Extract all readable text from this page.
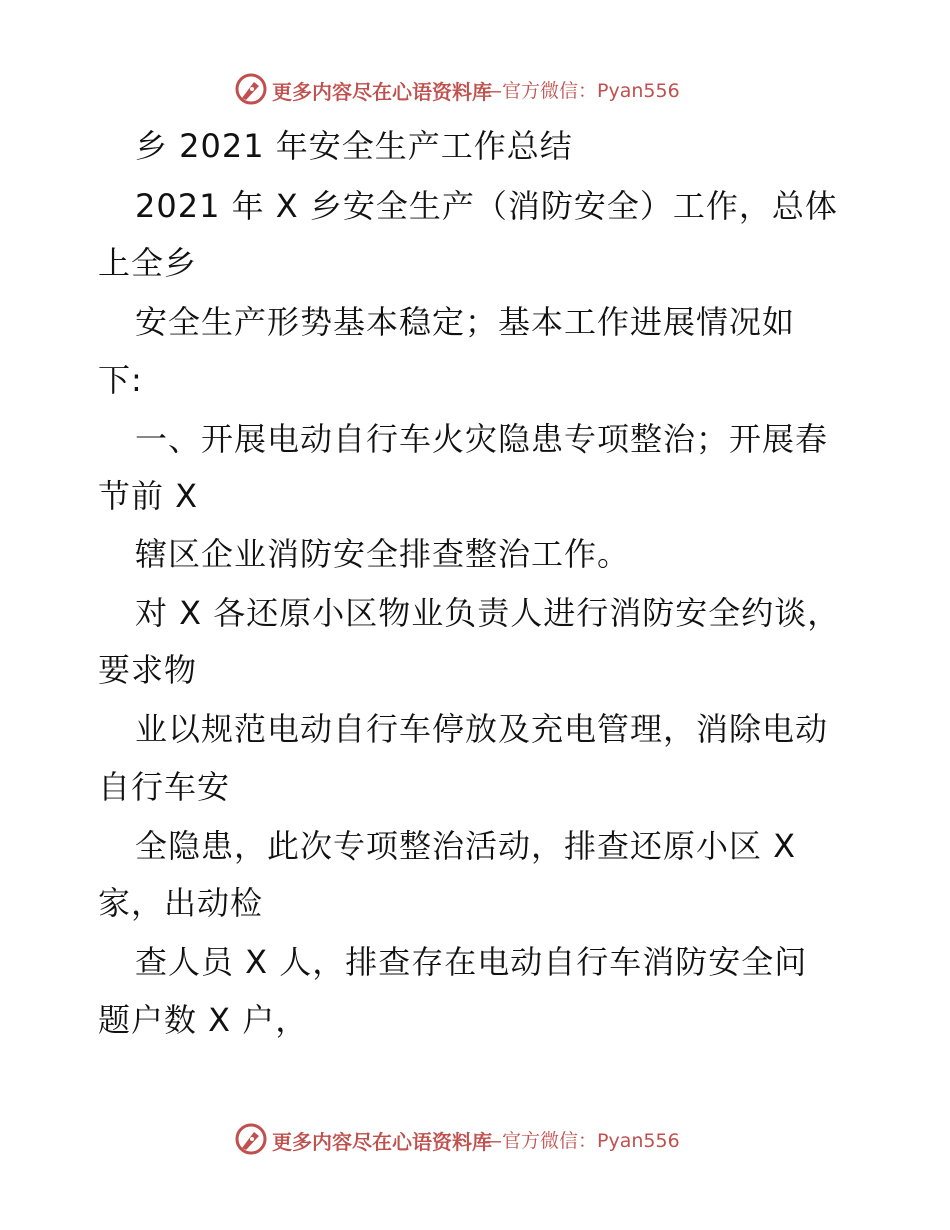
更多内容尽在心语资料库
—官方微信：Pyan556
乡 2021 年安全生产工作总结
2021 年 X 乡安全生产（消防安全）工作，总体
上全乡
安全生产形势基本稳定；基本工作进展情况如
下:
一、开展电动自行车火灾隐患专项整治；开展春
节前 X
辖区企业消防安全排查整治工作。
对 X 各还原小区物业负责人进行消防安全约谈，
要求物
业以规范电动自行车停放及充电管理，消除电动
自行车安
全隐患，此次专项整治活动，排查还原小区 X
家，出动检
查人员 X 人，排查存在电动自行车消防安全问
题户数 X 户，
更多内容尽在心语资料库
—官方微信：Pyan556
